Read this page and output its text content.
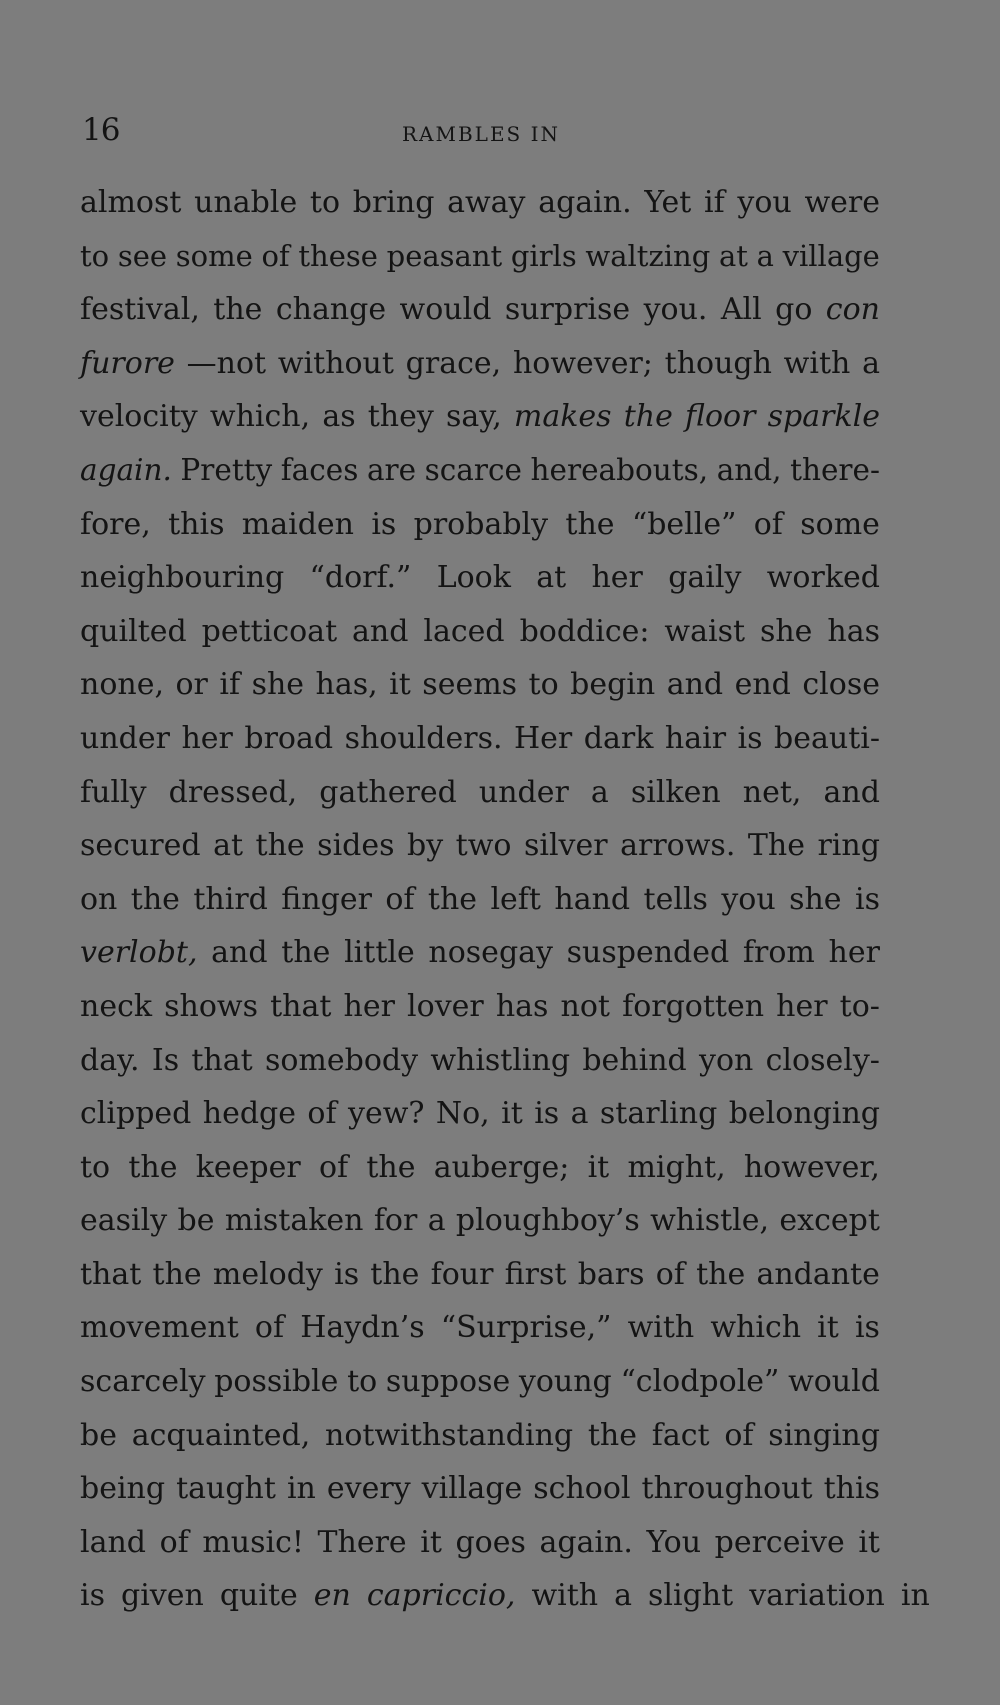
16	RAMBLES IN
almost unable to bring away again. Yet if you were
to see some of these peasant girls waltzing at a village
festival, the change would surprise you. All go con
furore —not without grace, however; though with a
velocity which, as they say, makes the floor sparkle
again. Pretty faces are scarce hereabouts, and, there-
fore, this maiden is probably the “belle” of some
neighbouring “dorf.” Look at her gaily worked
quilted petticoat and laced boddice: waist she has
none, or if she has, it seems to begin and end close
under her broad shoulders. Her dark hair is beauti-
fully dressed, gathered under a silken net, and
secured at the sides by two silver arrows. The ring
on the third finger of the left hand tells you she is
verlobt, and the little nosegay suspended from her
neck shows that her lover has not forgotten her to-
day. Is that somebody whistling behind yon closely-
clipped hedge of yew? No, it is a starling belonging
to the keeper of the auberge; it might, however,
easily be mistaken for a ploughboy’s whistle, except
that the melody is the four first bars of the andante
movement of Haydn’s “Surprise,” with which it is
scarcely possible to suppose young “clodpole” would
be acquainted, notwithstanding the fact of singing
being taught in every village school throughout this
land of music! There it goes again. You perceive it
is given quite en capriccio, with a slight variation in
